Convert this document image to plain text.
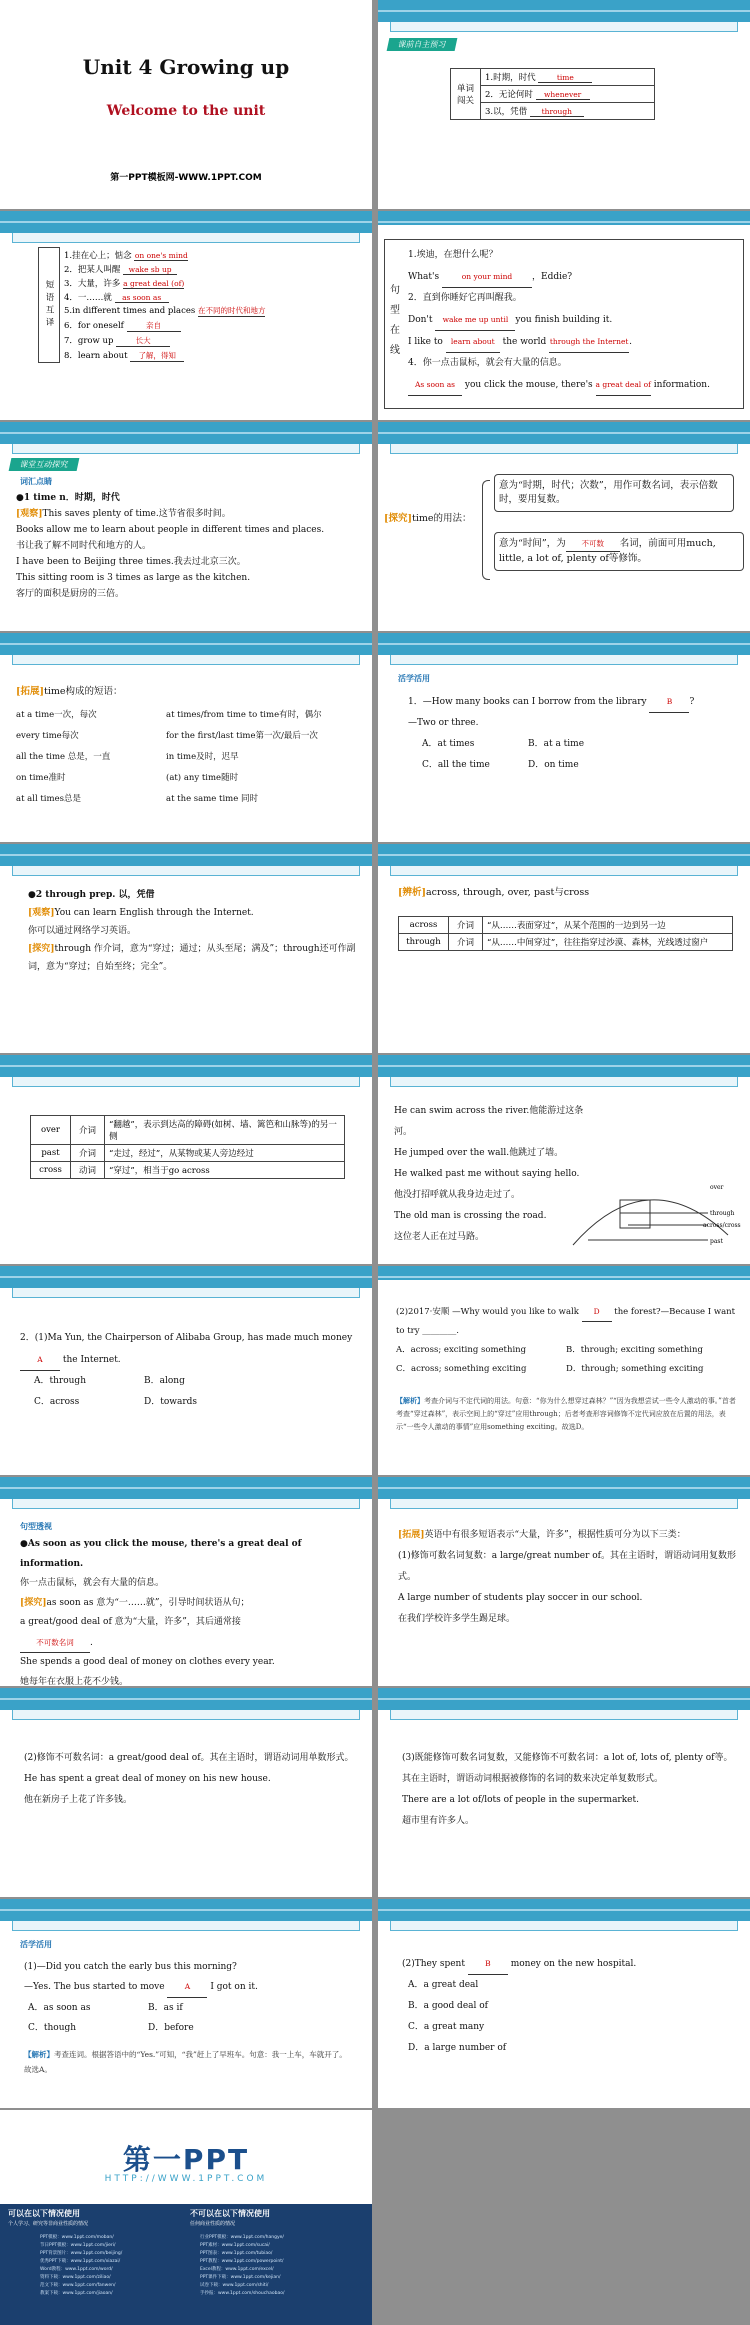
Unit 4 Growing up
Welcome to the unit
第一PPT模板网-WWW.1PPT.COM
课前自主预习
单词闯关	1.时期，时代	time
2．无论何时 whenever
3.以，凭借 through
短语互译	1.挂在心上；惦念 on one's mind
2．把某人叫醒 wake sb up
3．大量，许多 a great deal (of)
4．一……就 as soon as
5.in different times and places 在不同的时代和地方
6．for oneself	亲自
7．grow up	长大
8．learn about 了解，得知
句型在线
1.埃迪，在想什么呢？
What's	on your mind ，Eddie?
2．直到你睡好它再叫醒我。
Don't wake me up until you finish building it.
I like to learn about the world through the Internet.
4．你一点击鼠标，就会有大量的信息。
As soon as you click the mouse, there's a great deal of information.
课堂互动探究
词汇点睛
●1 time n．时期，时代
[观察]This saves plenty of time.这节省很多时间。
Books allow me to learn about people in different times and places.
书让我了解不同时代和地方的人。
I have been to Beijing three times.我去过北京三次。
This sitting room is 3 times as large as the kitchen.
客厅的面积是厨房的三倍。
[探究]time的用法：
意为“时期，时代；次数”，用作可数名词，表示倍数时，要用复数。
意为“时间”，为 不可数 名词，前面可用much, little, a lot of, plenty of等修饰。
[拓展]time构成的短语：
at a time一次，每次	at times/from time to time有时，偶尔
every time每次	for the first/last time第一次/最后一次
all the time 总是，一直	in time及时，迟早
on time准时	(at) any time随时
at all times总是	at the same time 同时
活学活用
1．—How many books can I borrow from the library	B ?
—Two or three.
A．at times	B．at a time
C．all the time	D．on time
●2 through prep. 以，凭借
[观察]You can learn English through the Internet.
你可以通过网络学习英语。
[探究]through 作介词，意为“穿过；通过；从头至尾；满及”；through还可作副词，意为“穿过；自始至终；完全”。
[辨析]across, through, over, past与cross
across	介词	“从……表面穿过”，从某个范围的一边到另一边
through	介词	“从……中间穿过”，往往指穿过沙漠、森林，光线透过窗户
over	介词	“翻越”，表示到达高的障碍(如树、墙、篱笆和山脉等)的另一侧
past	介词	“走过，经过”，从某物或某人旁边经过
cross	动词	“穿过”，相当于go across
He can swim across the river.他能游过这条河。
He jumped over the wall.他跳过了墙。
He walked past me without saying hello.
他没打招呼就从我身边走过了。
The old man is crossing the road.
这位老人正在过马路。
over
through
across/cross
past
2．(1)Ma Yun, the Chairperson of Alibaba Group, has made much money A the Internet.
A．through	B．along
C．across	D．towards
(2)2017·安顺 —Why would you like to walk D the forest?—Because I want to try ________.
A．across; exciting something	B．through; exciting something
C．across; something exciting	D．through; something exciting
【解析】考查介词与不定代词的用法。句意：“你为什么想穿过森林？”“因为我想尝试一些令人激动的事。”首者考查“穿过森林”，表示空间上的“穿过”应用through；后者考查形容词修饰不定代词应放在后置的用法，表示“一些令人激动的事情”应用something exciting。故选D。
句型透视
●As soon as you click the mouse, there's a great deal of information.
你一点击鼠标，就会有大量的信息。
[探究]as soon as 意为“一……就”，引导时间状语从句；
a great/good deal of 意为“大量，许多”，其后通常接
不可数名词 .
She spends a good deal of money on clothes every year.
她每年在衣服上花不少钱。
[拓展]英语中有很多短语表示“大量，许多”，根据性质可分为以下三类：
(1)修饰可数名词复数：a large/great number of。其在主语时，谓语动词用复数形式。
A large number of students play soccer in our school.
在我们学校许多学生踢足球。
(2)修饰不可数名词：a great/good deal of。其在主语时，谓语动词用单数形式。
He has spent a great deal of money on his new house.
他在新房子上花了许多钱。
(3)既能修饰可数名词复数，又能修饰不可数名词：a lot of, lots of, plenty of等。其在主语时，谓语动词根据被修饰的名词的数来决定单复数形式。
There are a lot of/lots of people in the supermarket.
超市里有许多人。
活学活用
(1)—Did you catch the early bus this morning?
—Yes. The bus started to move	A I got on it.
A．as soon as	B．as if
C．though	D．before
【解析】考查连词。根据答语中的“Yes.”可知，“我”赶上了早班车。句意：我一上车，车就开了。故选A。
(2)They spent	B money on the new hospital.
A．a great deal
B．a good deal of
C．a great many
D．a large number of
第一PPT
HTTP://WWW.1PPT.COM
可以在以下情况使用	不可以在以下情况使用
个人学习、研究等非商业性质的情况	任何商业性质的情况
PPT模板：www.1ppt.com/moban/	行业PPT模板：www.1ppt.com/hangye/
节日PPT模板：www.1ppt.com/jieri/	PPT素材：www.1ppt.com/sucai/
PPT背景图片：www.1ppt.com/beijing/	PPT图表：www.1ppt.com/tubiao/
优秀PPT下载：www.1ppt.com/xiazai/	PPT教程：www.1ppt.com/powerpoint/
Word教程：www.1ppt.com/word/	Excel教程：www.1ppt.com/excel/
资料下载：www.1ppt.com/ziliao/	PPT课件下载：www.1ppt.com/kejian/
范文下载：www.1ppt.com/fanwen/	试卷下载：www.1ppt.com/shiti/
教案下载：www.1ppt.com/jiaoan/	手抄报：www.1ppt.com/shouchaobao/
